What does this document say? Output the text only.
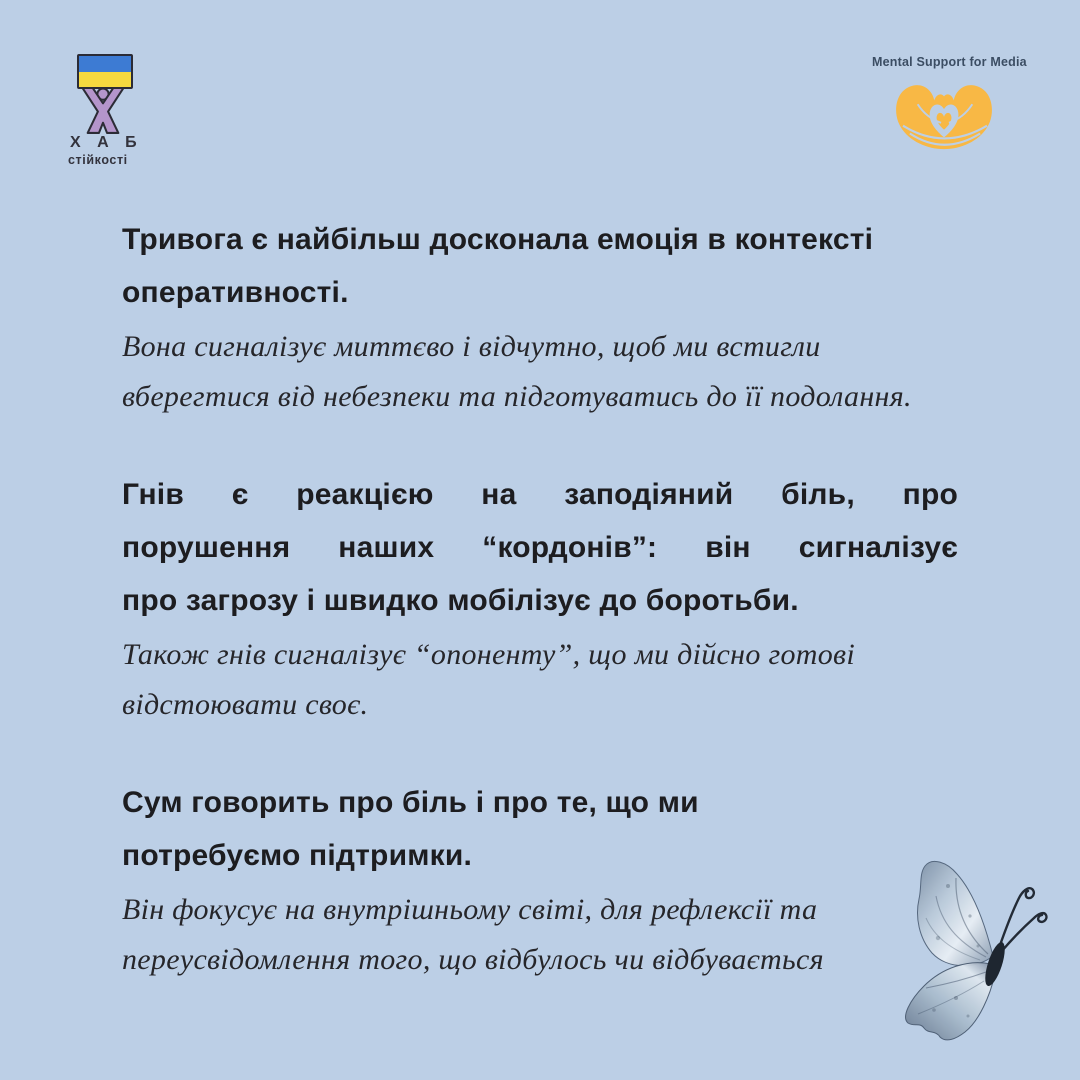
Х А Б
стійкості
Mental Support for Media
Тривога є найбільш досконала емоція в контексті
оперативності.
Вона сигналізує миттєво і відчутно, щоб ми встигли
вберегтися від небезпеки та підготуватись до її подолання.
Гнів є реакцією на заподіяний біль, про
порушення наших “кордонів”: він сигналізує
про загрозу і швидко мобілізує до боротьби.
Також гнів сигналізує “опоненту”, що ми дійсно готові
відстоювати своє.
Сум говорить про біль і про те, що ми
потребуємо підтримки.
Він фокусує на внутрішньому світі, для рефлексії та
переусвідомлення того, що відбулось чи відбувається
